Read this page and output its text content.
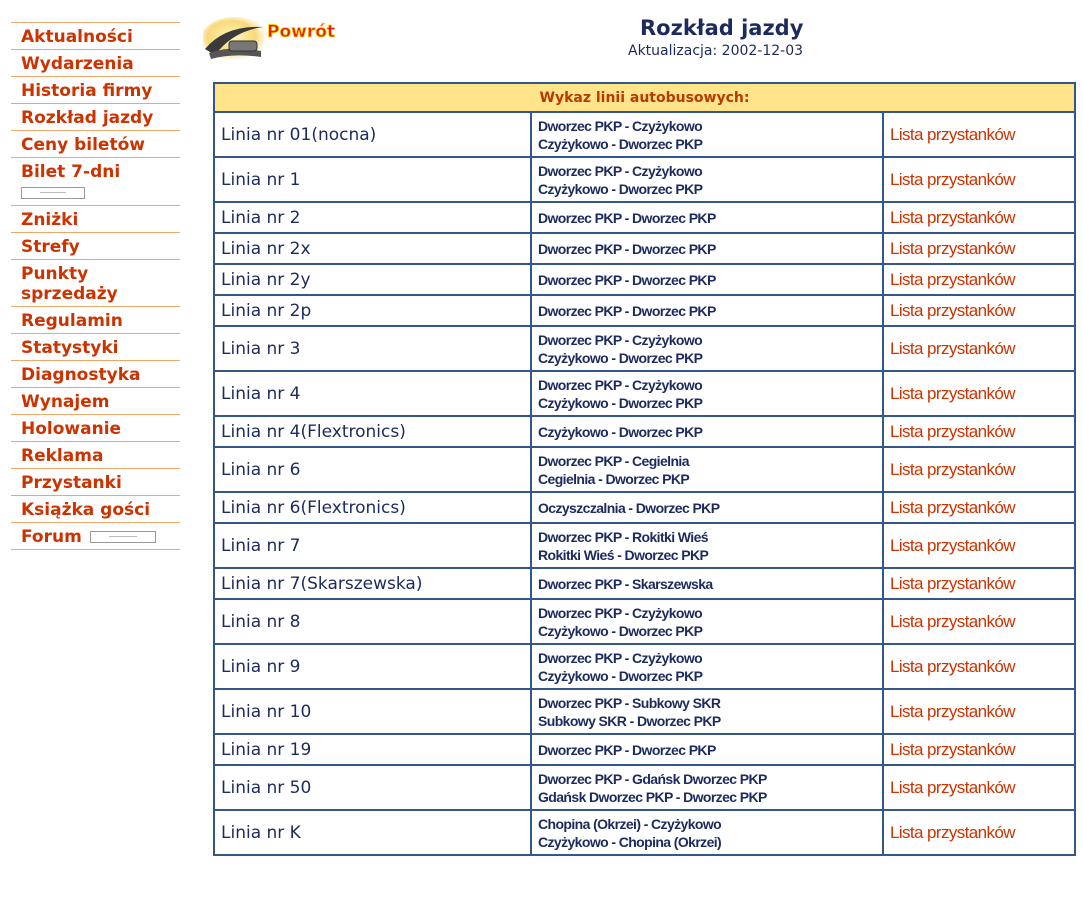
Aktualności
Wydarzenia
Historia firmy
Rozkład jazdy
Ceny biletów
Bilet 7-dni
Zniżki
Strefy
Punkty sprzedaży
Regulamin
Statystyki
Diagnostyka
Wynajem
Holowanie
Reklama
Przystanki
Książka gości
Forum
Powrót	Rozkład jazdy
Aktualizacja: 2002-12-03
Wykaz linii autobusowych:		
Linia nr 01(nocna)	Dworzec PKP - Czyżykowo
Czyżykowo - Dworzec PKP	Lista przystanków
Linia nr 1	Dworzec PKP - Czyżykowo
Czyżykowo - Dworzec PKP	Lista przystanków
Linia nr 2	Dworzec PKP - Dworzec PKP	Lista przystanków
Linia nr 2x	Dworzec PKP - Dworzec PKP	Lista przystanków
Linia nr 2y	Dworzec PKP - Dworzec PKP	Lista przystanków
Linia nr 2p	Dworzec PKP - Dworzec PKP	Lista przystanków
Linia nr 3	Dworzec PKP - Czyżykowo
Czyżykowo - Dworzec PKP	Lista przystanków
Linia nr 4	Dworzec PKP - Czyżykowo
Czyżykowo - Dworzec PKP	Lista przystanków
Linia nr 4(Flextronics)	Czyżykowo - Dworzec PKP	Lista przystanków
Linia nr 6	Dworzec PKP - Cegielnia
Cegielnia - Dworzec PKP	Lista przystanków
Linia nr 6(Flextronics)	Oczyszczalnia - Dworzec PKP	Lista przystanków
Linia nr 7	Dworzec PKP - Rokitki Wieś
Rokitki Wieś - Dworzec PKP	Lista przystanków
Linia nr 7(Skarszewska)	Dworzec PKP - Skarszewska	Lista przystanków
Linia nr 8	Dworzec PKP - Czyżykowo
Czyżykowo - Dworzec PKP	Lista przystanków
Linia nr 9	Dworzec PKP - Czyżykowo
Czyżykowo - Dworzec PKP	Lista przystanków
Linia nr 10	Dworzec PKP - Subkowy SKR
Subkowy SKR - Dworzec PKP	Lista przystanków
Linia nr 19	Dworzec PKP - Dworzec PKP	Lista przystanków
Linia nr 50	Dworzec PKP - Gdańsk Dworzec PKP
Gdańsk Dworzec PKP - Dworzec PKP	Lista przystanków
Linia nr K	Chopina (Okrzei) - Czyżykowo
Czyżykowo - Chopina (Okrzei)	Lista przystanków
